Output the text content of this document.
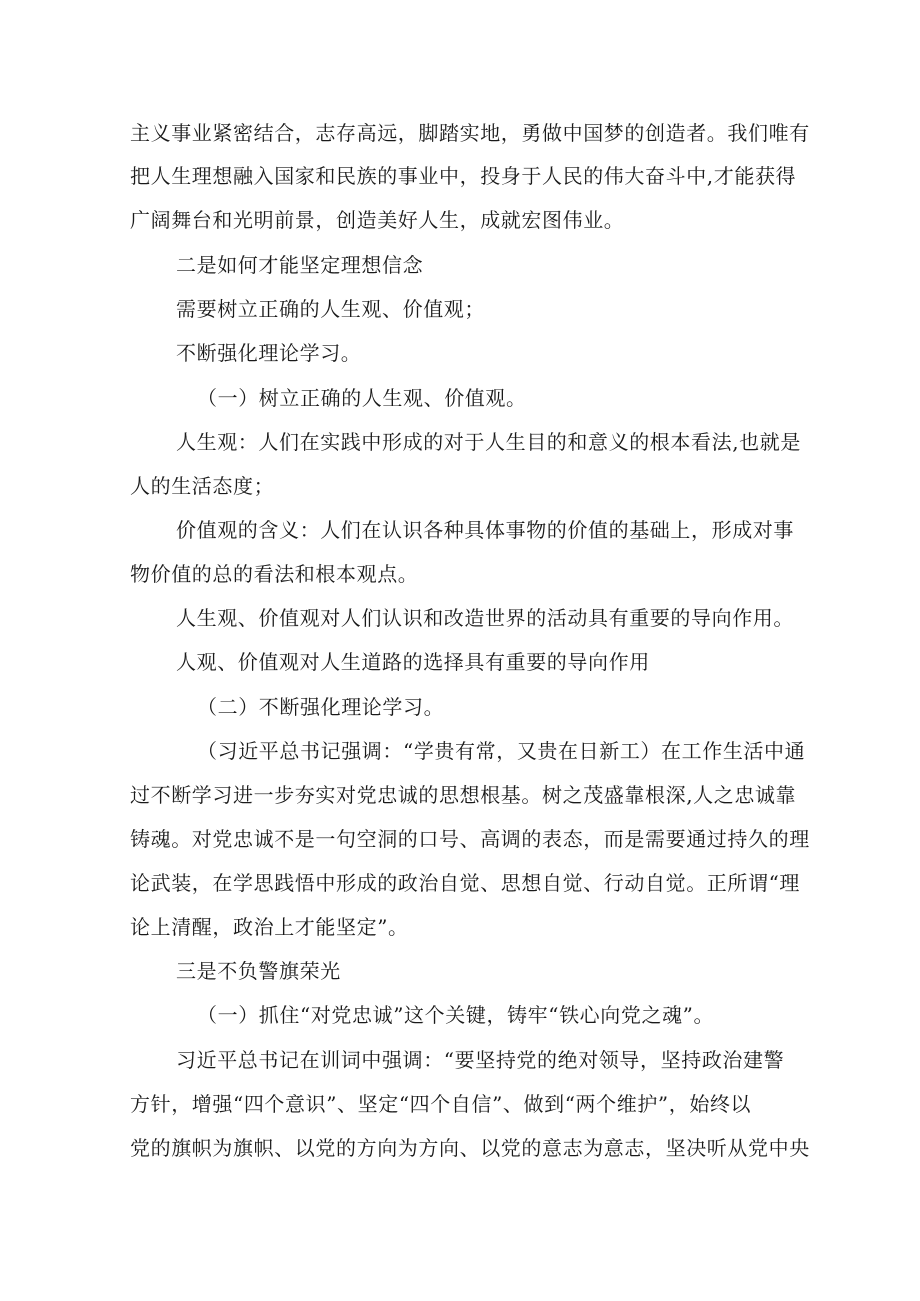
主义事业紧密结合，志存高远，脚踏实地，勇做中国梦的创造者。我们唯有
把人生理想融入国家和民族的事业中，投身于人民的伟大奋斗中,才能获得
广阔舞台和光明前景，创造美好人生，成就宏图伟业。
二是如何才能坚定理想信念
需要树立正确的人生观、价值观；
不断强化理论学习。
（一）树立正确的人生观、价值观。
人生观：人们在实践中形成的对于人生目的和意义的根本看法,也就是
人的生活态度；
价值观的含义：人们在认识各种具体事物的价值的基础上，形成对事
物价值的总的看法和根本观点。
人生观、价值观对人们认识和改造世界的活动具有重要的导向作用。
人观、价值观对人生道路的选择具有重要的导向作用
（二）不断强化理论学习。
（习近平总书记强调：“学贵有常，又贵在日新工）在工作生活中通
过不断学习进一步夯实对党忠诚的思想根基。树之茂盛靠根深,人之忠诚靠
铸魂。对党忠诚不是一句空洞的口号、高调的表态，而是需要通过持久的理
论武装，在学思践悟中形成的政治自觉、思想自觉、行动自觉。正所谓“理
论上清醒，政治上才能坚定”。
三是不负警旗荣光
（一）抓住“对党忠诚”这个关键，铸牢“铁心向党之魂”。
习近平总书记在训词中强调：“要坚持党的绝对领导，坚持政治建警
方针，增强“四个意识”、坚定“四个自信”、做到“两个维护”，始终以
党的旗帜为旗帜、以党的方向为方向、以党的意志为意志，坚决听从党中央
